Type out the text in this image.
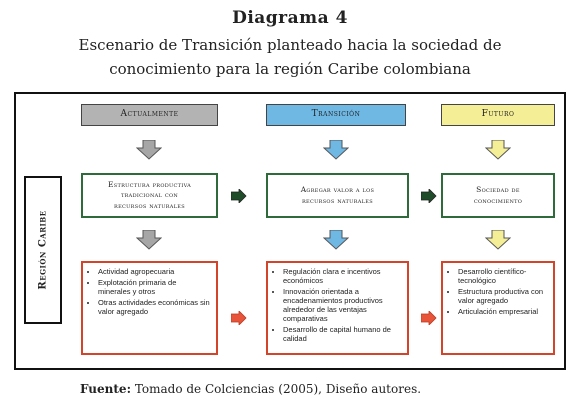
Diagrama 4
Escenario de Transición planteado hacia la sociedad de
conocimiento para la región Caribe colombiana
Región Caribe
Actualmente
Estructura productiva
tradicional con
recursos naturales
• Actividad agropecuaria
• Explotación primaria de minerales y otros
• Otras actividades económicas sin valor agregado
Transición
Agregar valor a los
recursos naturales
• Regulación clara e incentivos económicos
• Innovación orientada a encadenamientos productivos alrededor de las ventajas comparativas
• Desarrollo de capital humano de calidad
Futuro
Sociedad de
conocimiento
• Desarrollo científico-tecnológico
• Estructura productiva con valor agregado
• Articulación empresarial
Fuente: Tomado de Colciencias (2005), Diseño autores.
